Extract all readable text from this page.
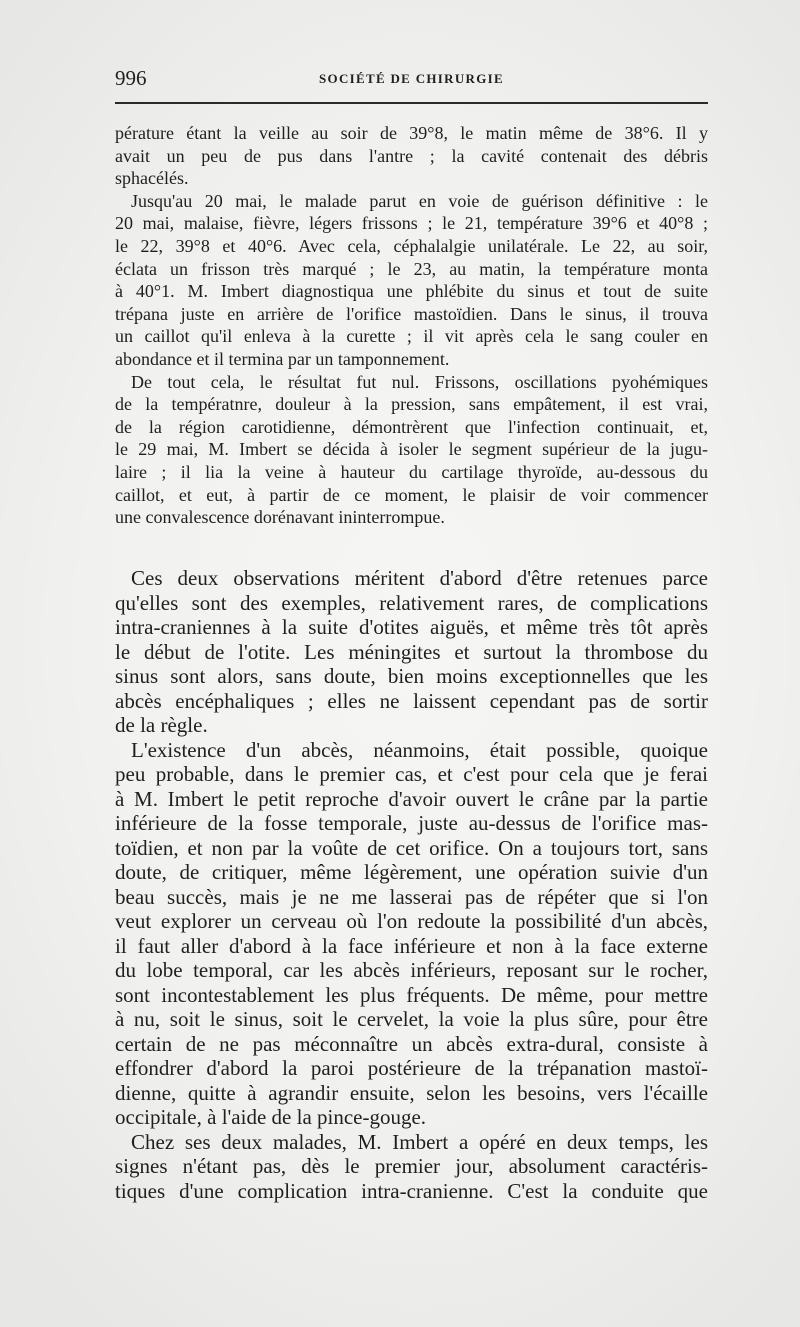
996	SOCIÉTÉ DE CHIRURGIE
pérature étant la veille au soir de 39°8, le matin même de 38°6. Il y
avait un peu de pus dans l'antre ; la cavité contenait des débris
sphacélés.
Jusqu'au 20 mai, le malade parut en voie de guérison définitive : le
20 mai, malaise, fièvre, légers frissons ; le 21, température 39°6 et 40°8 ;
le 22, 39°8 et 40°6. Avec cela, céphalalgie unilatérale. Le 22, au soir,
éclata un frisson très marqué ; le 23, au matin, la température monta
à 40°1. M. Imbert diagnostiqua une phlébite du sinus et tout de suite
trépana juste en arrière de l'orifice mastoïdien. Dans le sinus, il trouva
un caillot qu'il enleva à la curette ; il vit après cela le sang couler en
abondance et il termina par un tamponnement.
De tout cela, le résultat fut nul. Frissons, oscillations pyohémiques
de la températnre, douleur à la pression, sans empâtement, il est vrai,
de la région carotidienne, démontrèrent que l'infection continuait, et,
le 29 mai, M. Imbert se décida à isoler le segment supérieur de la jugu-
laire ; il lia la veine à hauteur du cartilage thyroïde, au-dessous du
caillot, et eut, à partir de ce moment, le plaisir de voir commencer
une convalescence dorénavant ininterrompue.
Ces deux observations méritent d'abord d'être retenues parce
qu'elles sont des exemples, relativement rares, de complications
intra-craniennes à la suite d'otites aiguës, et même très tôt après
le début de l'otite. Les méningites et surtout la thrombose du
sinus sont alors, sans doute, bien moins exceptionnelles que les
abcès encéphaliques ; elles ne laissent cependant pas de sortir
de la règle.
L'existence d'un abcès, néanmoins, était possible, quoique
peu probable, dans le premier cas, et c'est pour cela que je ferai
à M. Imbert le petit reproche d'avoir ouvert le crâne par la partie
inférieure de la fosse temporale, juste au-dessus de l'orifice mas-
toïdien, et non par la voûte de cet orifice. On a toujours tort, sans
doute, de critiquer, même légèrement, une opération suivie d'un
beau succès, mais je ne me lasserai pas de répéter que si l'on
veut explorer un cerveau où l'on redoute la possibilité d'un abcès,
il faut aller d'abord à la face inférieure et non à la face externe
du lobe temporal, car les abcès inférieurs, reposant sur le rocher,
sont incontestablement les plus fréquents. De même, pour mettre
à nu, soit le sinus, soit le cervelet, la voie la plus sûre, pour être
certain de ne pas méconnaître un abcès extra-dural, consiste à
effondrer d'abord la paroi postérieure de la trépanation mastoï-
dienne, quitte à agrandir ensuite, selon les besoins, vers l'écaille
occipitale, à l'aide de la pince-gouge.
Chez ses deux malades, M. Imbert a opéré en deux temps, les
signes n'étant pas, dès le premier jour, absolument caractéris-
tiques d'une complication intra-cranienne. C'est la conduite que
